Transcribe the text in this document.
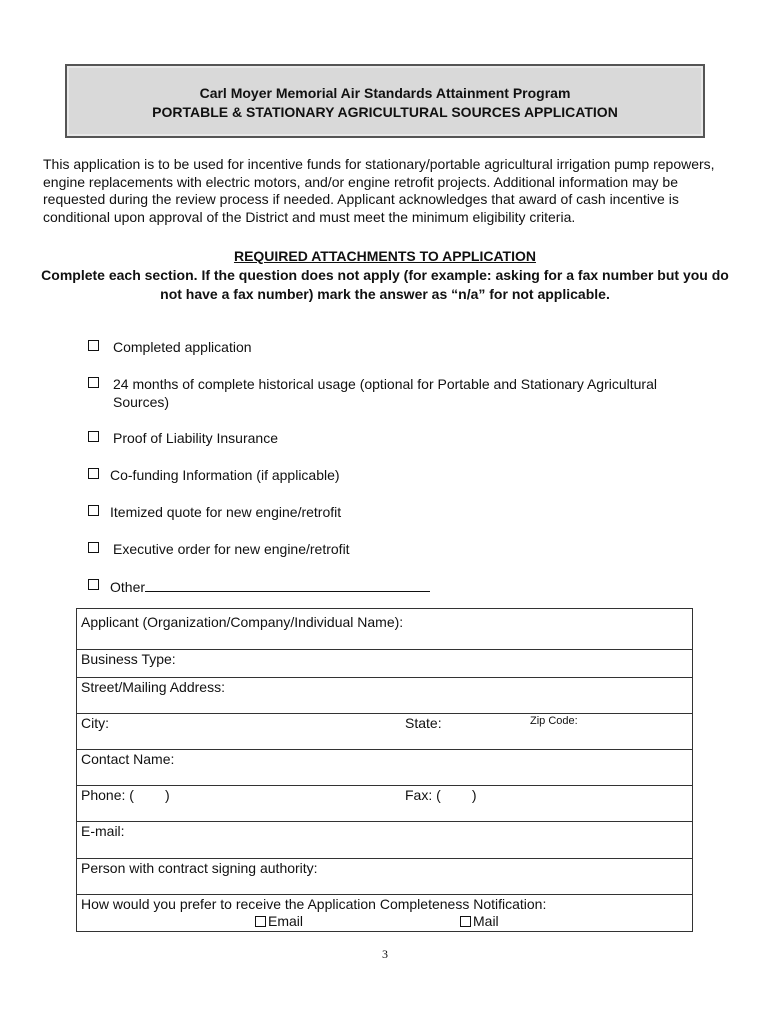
Carl Moyer Memorial Air Standards Attainment Program
PORTABLE & STATIONARY AGRICULTURAL SOURCES APPLICATION
This application is to be used for incentive funds for stationary/portable agricultural irrigation pump repowers, engine replacements with electric motors, and/or engine retrofit projects. Additional information may be requested during the review process if needed. Applicant acknowledges that award of cash incentive is conditional upon approval of the District and must meet the minimum eligibility criteria.
REQUIRED ATTACHMENTS TO APPLICATION
Complete each section. If the question does not apply (for example: asking for a fax number but you do not have a fax number) mark the answer as “n/a” for not applicable.
Completed application
24 months of complete historical usage (optional for Portable and Stationary Agricultural Sources)
Proof of Liability Insurance
Co-funding Information (if applicable)
Itemized quote for new engine/retrofit
Executive order for new engine/retrofit
Other
Applicant (Organization/Company/Individual Name):
Business Type:
Street/Mailing Address:
City:	State:	Zip Code:
Contact Name:
Phone: (        )	Fax: (        )
E-mail:
Person with contract signing authority:
How would you prefer to receive the Application Completeness Notification:
Email	Mail
3
